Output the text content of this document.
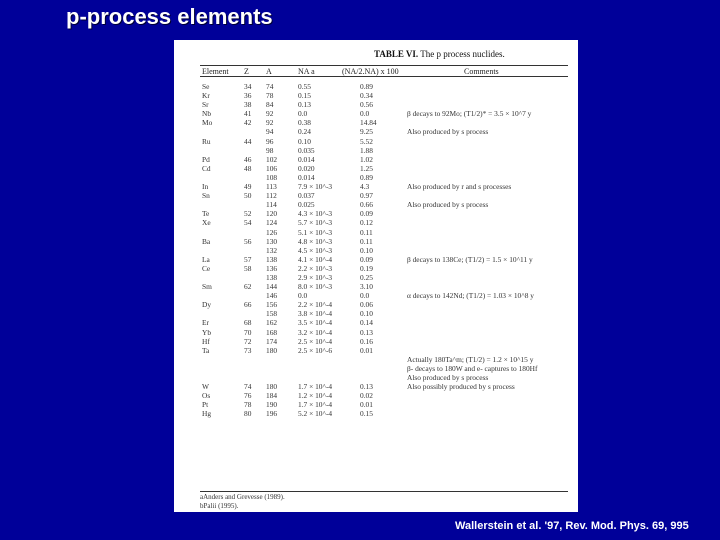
p-process elements
TABLE VI. The p process nuclides.
Element Z A	NA a	(NA/2.NA) x 100	Comments
Se	34 74	0.55	0.89
Kr	36 78	0.15	0.34
Sr	38 84	0.13	0.56
Nb	41 92	0.0	0.0	β decays to 92Mo; (T1/2)* = 3.5 × 10^7 y
Mo	42 92	0.38	14.84
94	0.24	9.25	Also produced by s process
Ru	44 96	0.10	5.52
98	0.035	1.88
Pd	46 102	0.014	1.02
Cd	48 106	0.020	1.25
108	0.014	0.89
In	49 113	7.9 × 10^-3	4.3	Also produced by r and s processes
Sn	50 112	0.037	0.97
114	0.025	0.66	Also produced by s process
Te	52 120	4.3 × 10^-3	0.09
Xe	54 124	5.7 × 10^-3	0.12
126	5.1 × 10^-3	0.11
Ba	56 130	4.8 × 10^-3	0.11
132	4.5 × 10^-3	0.10
La	57 138	4.1 × 10^-4	0.09	β decays to 138Ce; (T1/2) = 1.5 × 10^11 y
Ce	58 136	2.2 × 10^-3	0.19
138	2.9 × 10^-3	0.25
Sm	62 144	8.0 × 10^-3	3.10
146	0.0	0.0	α decays to 142Nd; (T1/2) = 1.03 × 10^8 y
Dy	66 156	2.2 × 10^-4	0.06
158	3.8 × 10^-4	0.10
Er	68 162	3.5 × 10^-4	0.14
Yb	70 168	3.2 × 10^-4	0.13
Hf	72 174	2.5 × 10^-4	0.16
Ta	73 180	2.5 × 10^-6	0.01
Actually 180Ta^m; (T1/2) = 1.2 × 10^15 y
β- decays to 180W and e- captures to 180Hf
Also produced by s process
W	74 180	1.7 × 10^-4	0.13	Also possibly produced by s process
Os	76 184	1.2 × 10^-4	0.02
Pt	78 190	1.7 × 10^-4	0.01
Hg	80 196	5.2 × 10^-4	0.15
aAnders and Grevesse (1989).
bPalii (1995).
Wallerstein et al. '97, Rev. Mod. Phys. 69, 995
